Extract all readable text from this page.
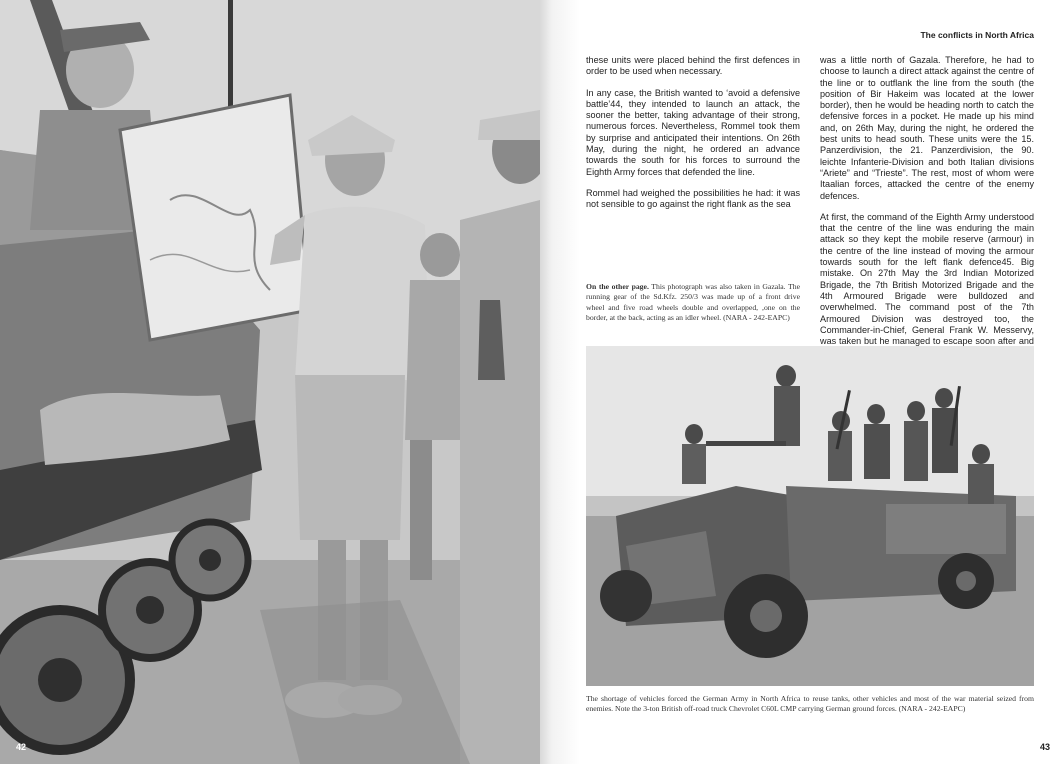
42
The conflicts in North Africa

these units were placed behind the first defences in order to be used when necessary.

In any case, the British wanted to ‘avoid a defensive battle’44, they intended to launch an attack, the sooner the better, taking advantage of their strong, numerous forces. Nevertheless, Rommel took them by surprise and anticipated their intentions. On 26th May, during the night, he ordered an advance towards the south for his forces to surround the Eighth Army forces that defended the line.

Rommel had weighed the possibilities he had: it was not sensible to go against the right flank as the sea

On the other page. This photograph was also taken in Gazala. The running gear of the Sd.Kfz. 250/3 was made up of a front drive wheel and five road wheels double and overlapped, ,one on the border, at the back, acting as an idler wheel. (NARA - 242-EAPC)

was a little north of Gazala. Therefore, he had to choose to launch a direct attack against the centre of the line or to outflank the line from the south (the position of Bir Hakeim was located at the lower border), then he would be heading north to catch the defensive forces in a pocket. He made up his mind and, on 26th May, during the night, he ordered the best units to head south. These units were the 15. Panzerdivision, the 21. Panzerdivision, the 90. leichte Infanterie-Division and both Italian divisions “Ariete” and “Trieste”. The rest, most of whom were Itaalian forces, attacked the centre of the enemy defences.

At first, the command of the Eighth Army understood that the centre of the line was enduring the main attack so they kept the mobile reserve (armour) in the centre of the line instead of moving the armour towards south for the left flank defence45. Big mistake. On 27th May the 3rd Indian Motorized Brigade, the 7th British Motorized Brigade and the 4th Armoured Brigade were bulldozed and overwhelmed. The command post of the 7th Armoured Division was destroyed too, the Commander-in-Chief, General Frank W. Messervy, was taken but he managed to escape soon after and

The shortage of vehicles forced the German Army in North Africa to reuse tanks, other vehicles and most of the war material seized from enemies. Note the 3-ton British off-road truck Chevrolet C60L CMP carrying German ground forces. (NARA - 242-EAPC)
43
